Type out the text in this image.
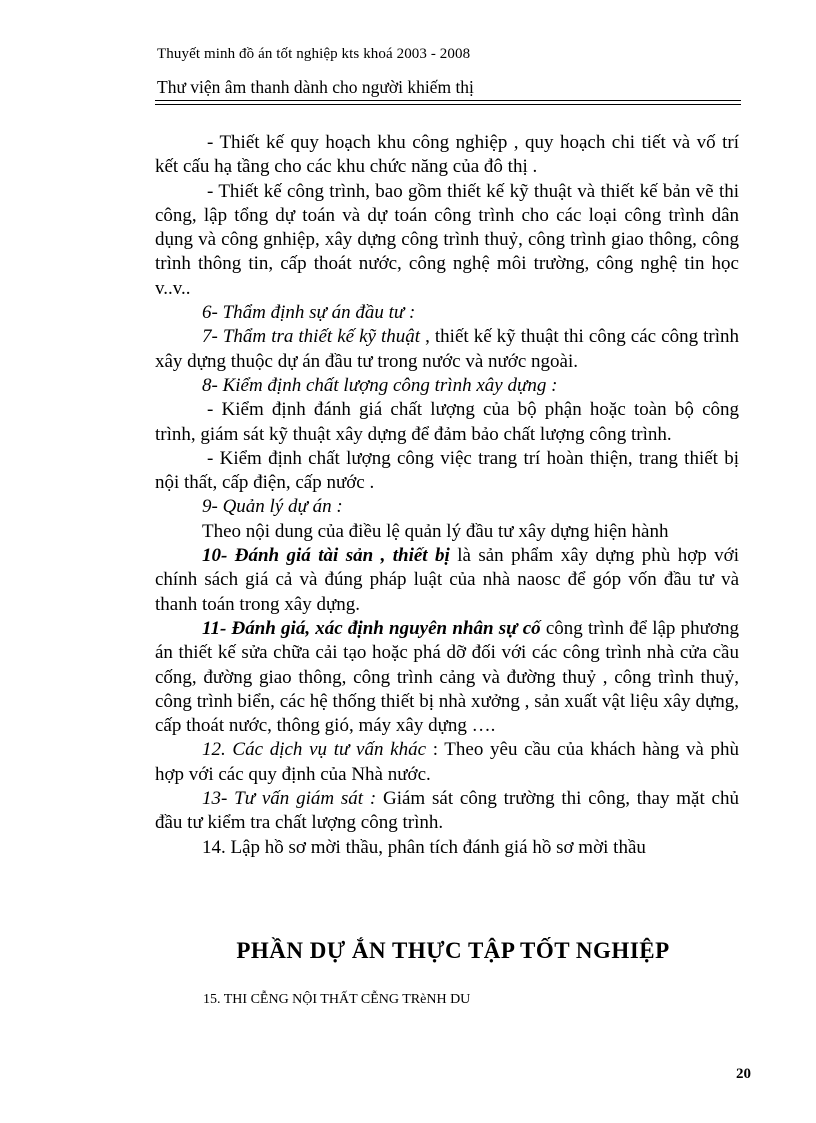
Thuyết minh đồ án tốt nghiệp kts khoá 2003 - 2008
Thư viện âm thanh dành cho người khiếm thị

- Thiết kế quy hoạch khu công nghiệp , quy hoạch chi tiết và vố trí kết cấu hạ tầng cho các khu chức năng của đô thị .

- Thiết kế công trình, bao gồm thiết kế kỹ thuật và thiết kế bản vẽ thi công, lập tổng dự toán và dự toán công trình cho các loại công trình dân dụng và công gnhiệp, xây dựng công trình thuỷ, công trình giao thông, công trình thông tin, cấp thoát nước, công nghệ môi trường, công nghệ tin học v..v..

6- Thẩm định sự án đầu tư :

7- Thẩm tra thiết kế kỹ thuật , thiết kế kỹ thuật thi công các công trình xây dựng thuộc dự án đầu tư trong nước và nước ngoài.

8- Kiểm định chất lượng công trình xây dựng :

- Kiểm định đánh giá chất lượng của bộ phận hoặc toàn bộ công trình, giám sát kỹ thuật xây dựng để đảm bảo chất lượng công trình.

- Kiểm định chất lượng công việc trang trí hoàn thiện, trang thiết bị nội thất, cấp điện, cấp nước .

9- Quản lý dự án :

Theo nội dung của điều lệ quản lý đầu tư xây dựng hiện hành

10- Đánh giá tài sản , thiết bị là sản phẩm xây dựng phù hợp với chính sách giá cả và đúng pháp luật của nhà naosc để góp vốn đầu tư và thanh toán trong xây dựng.

11- Đánh giá, xác định nguyên nhân sự cố công trình để lập phương án thiết kế sửa chữa cải tạo hoặc phá dỡ đối với các công trình nhà cửa cầu cống, đường giao thông, công trình cảng và đường thuỷ , công trình thuỷ, công trình biển, các hệ thống thiết bị nhà xưởng , sản xuất vật liệu xây dựng, cấp thoát nước, thông gió, máy xây dựng ….

12. Các dịch vụ tư vấn khác : Theo yêu cầu của khách hàng và phù hợp với các quy định của Nhà nước.

13- Tư vấn giám sát : Giám sát công trường thi công, thay mặt chủ đầu tư kiểm tra chất lượng công trình.

14. Lập hồ sơ mời thầu, phân tích đánh giá hồ sơ mời thầu

PHẦN DỰ ẮN THỰC TẬP TỐT NGHIỆP
15. THI CỄNG NỘI THẤT CỄNG TRèNH DU
20
